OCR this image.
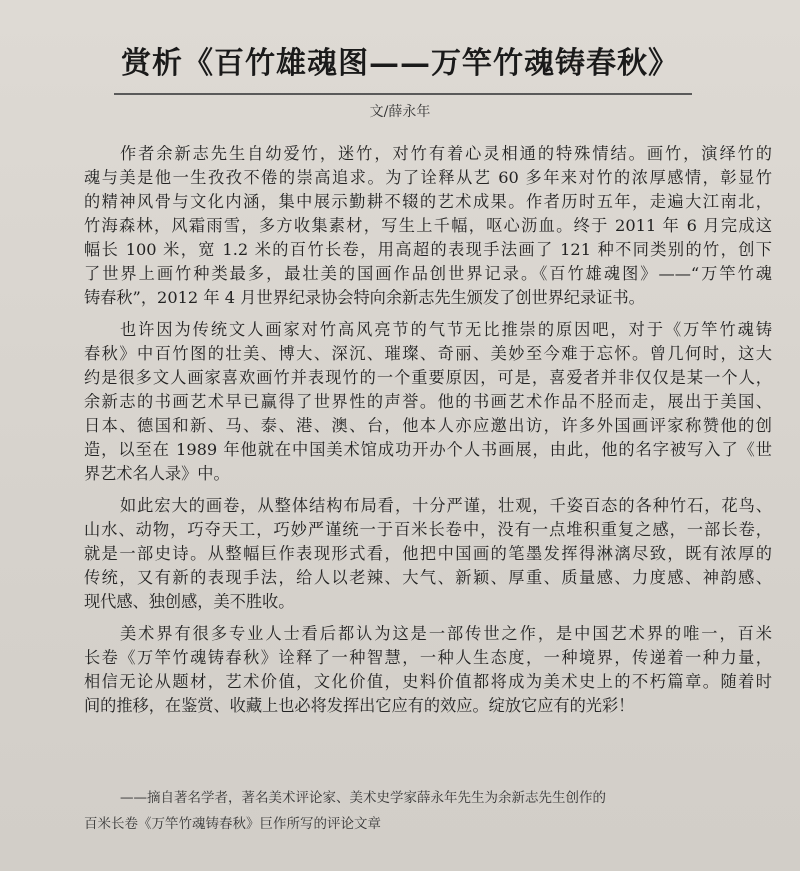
赏析《百竹雄魂图——万竿竹魂铸春秋》
文/薛永年
作者余新志先生自幼爱竹，迷竹，对竹有着心灵相通的特殊情结。画竹，演绎竹的
魂与美是他一生孜孜不倦的崇高追求。为了诠释从艺 60 多年来对竹的浓厚感情，彰显竹
的精神风骨与文化内涵，集中展示勤耕不辍的艺术成果。作者历时五年，走遍大江南北，
竹海森林，风霜雨雪，多方收集素材，写生上千幅，呕心沥血。终于 2011 年 6 月完成这
幅长 100 米，宽 1.2 米的百竹长卷，用高超的表现手法画了 121 种不同类别的竹，创下
了世界上画竹种类最多，最壮美的国画作品创世界记录。《百竹雄魂图》——“万竿竹魂
铸春秋”，2012 年 4 月世界纪录协会特向余新志先生颁发了创世界纪录证书。
也许因为传统文人画家对竹高风亮节的气节无比推崇的原因吧，对于《万竿竹魂铸
春秋》中百竹图的壮美、博大、深沉、璀璨、奇丽、美妙至今难于忘怀。曾几何时，这大
约是很多文人画家喜欢画竹并表现竹的一个重要原因，可是，喜爱者并非仅仅是某一个人，
余新志的书画艺术早已赢得了世界性的声誉。他的书画艺术作品不胫而走，展出于美国、
日本、德国和新、马、泰、港、澳、台，他本人亦应邀出访，许多外国画评家称赞他的创
造，以至在 1989 年他就在中国美术馆成功开办个人书画展，由此，他的名字被写入了《世
界艺术名人录》中。
如此宏大的画卷，从整体结构布局看，十分严谨，壮观，千姿百态的各种竹石，花鸟、
山水、动物，巧夺天工，巧妙严谨统一于百米长卷中，没有一点堆积重复之感，一部长卷，
就是一部史诗。从整幅巨作表现形式看，他把中国画的笔墨发挥得淋漓尽致，既有浓厚的
传统，又有新的表现手法，给人以老辣、大气、新颖、厚重、质量感、力度感、神韵感、
现代感、独创感，美不胜收。
美术界有很多专业人士看后都认为这是一部传世之作，是中国艺术界的唯一，百米
长卷《万竿竹魂铸春秋》诠释了一种智慧，一种人生态度，一种境界，传递着一种力量，
相信无论从题材，艺术价值，文化价值，史料价值都将成为美术史上的不朽篇章。随着时
间的推移，在鉴赏、收藏上也必将发挥出它应有的效应。绽放它应有的光彩！
——摘自著名学者，著名美术评论家、美术史学家薛永年先生为余新志先生创作的
百米长卷《万竿竹魂铸春秋》巨作所写的评论文章
